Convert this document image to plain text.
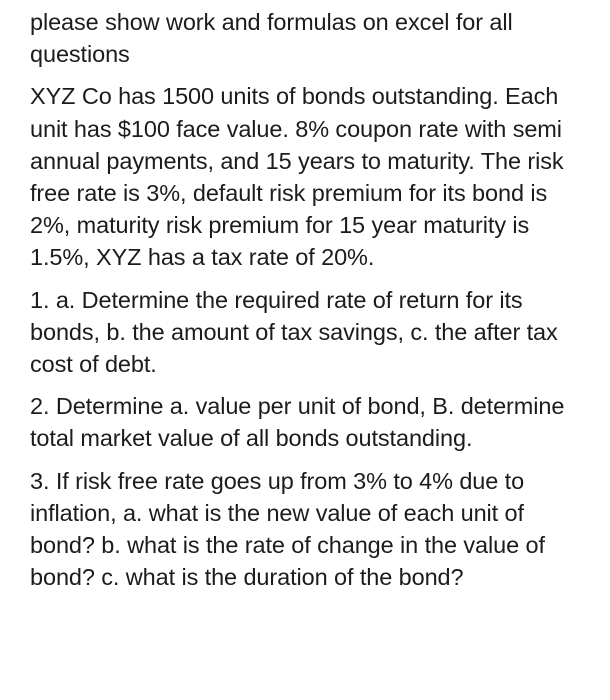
please show work and formulas on excel for all questions

XYZ Co has 1500 units of bonds outstanding. Each unit has $100 face value. 8% coupon rate with semi annual payments, and 15 years to maturity. The risk free rate is 3%, default risk premium for its bond is 2%, maturity risk premium for 15 year maturity is 1.5%, XYZ has a tax rate of 20%.

1. a. Determine the required rate of return for its bonds, b. the amount of tax savings, c. the after tax cost of debt.

2. Determine a. value per unit of bond, B. determine total market value of all bonds outstanding.

3. If risk free rate goes up from 3% to 4% due to inflation, a. what is the new value of each unit of bond? b. what is the rate of change in the value of bond? c. what is the duration of the bond?
